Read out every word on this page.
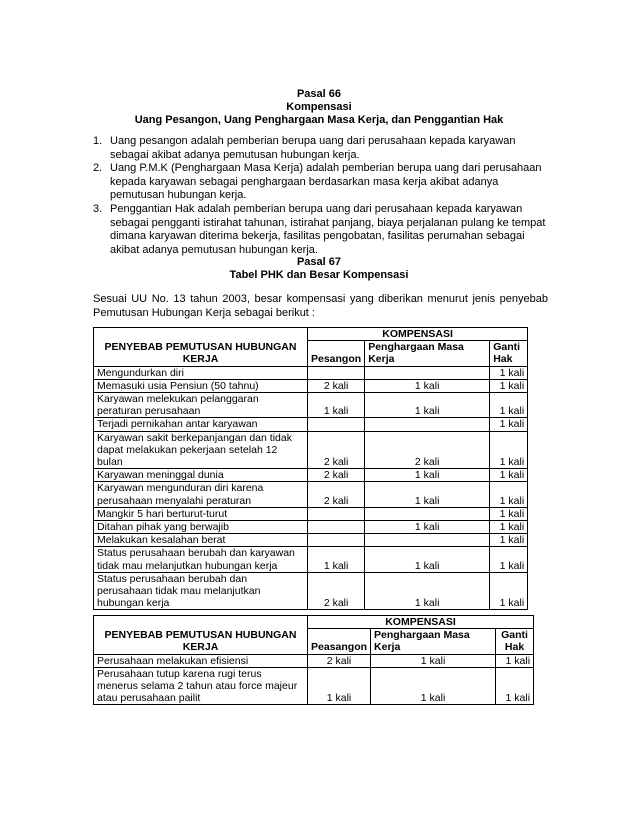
Pasal 66
Kompensasi
Uang Pesangon, Uang Penghargaan Masa Kerja, dan Penggantian Hak
1. Uang pesangon adalah pemberian berupa uang dari perusahaan kepada karyawan sebagai akibat adanya pemutusan hubungan kerja.
2. Uang P.M.K (Penghargaan Masa Kerja) adalah pemberian berupa uang dari perusahaan kepada karyawan sebagai penghargaan berdasarkan masa kerja akibat adanya pemutusan hubungan kerja.
3. Penggantian Hak adalah pemberian berupa uang dari perusahaan kepada karyawan sebagai pengganti istirahat tahunan, istirahat panjang, biaya perjalanan pulang ke tempat dimana karyawan diterima bekerja, fasilitas pengobatan, fasilitas perumahan sebagai akibat adanya pemutusan hubungan kerja.
Pasal 67
Tabel PHK dan Besar Kompensasi
Sesuai UU No. 13 tahun 2003, besar kompensasi yang diberikan menurut jenis penyebab Pemutusan Hubungan Kerja sebagai berikut :
PENYEBAB PEMUTUSAN HUBUNGAN KERJA	KOMPENSASI		
	Pesangon	Penghargaan Masa Kerja	Ganti Hak
Mengundurkan diri			1 kali
Memasuki usia Pensiun (50 tahnu)	2 kali	1 kali	1 kali
Karyawan melekukan pelanggaran peraturan perusahaan	1 kali	1 kali	1 kali
Terjadi pernikahan antar karyawan			1 kali
Karyawan sakit berkepanjangan dan tidak dapat melakukan pekerjaan setelah 12 bulan	2 kali	2 kali	1 kali
Karyawan meninggal dunia	2 kali	1 kali	1 kali
Karyawan mengunduran diri karena perusahaan menyalahi peraturan	2 kali	1 kali	1 kali
Mangkir 5 hari berturut-turut			1 kali
Ditahan pihak yang berwajib		1 kali	1 kali
Melakukan kesalahan berat			1 kali
Status perusahaan berubah dan karyawan tidak mau melanjutkan hubungan kerja	1 kali	1 kali	1 kali
Status perusahaan berubah dan perusahaan tidak mau melanjutkan hubungan kerja	2 kali	1 kali	1 kali
PENYEBAB PEMUTUSAN HUBUNGAN KERJA	KOMPENSASI		
	Peasangon	Penghargaan Masa Kerja	Ganti Hak
Perusahaan melakukan efisiensi	2 kali	1 kali	1 kali
Perusahaan tutup karena rugi terus menerus selama 2 tahun atau force majeur atau perusahaan pailit	1 kali	1 kali	1 kali
